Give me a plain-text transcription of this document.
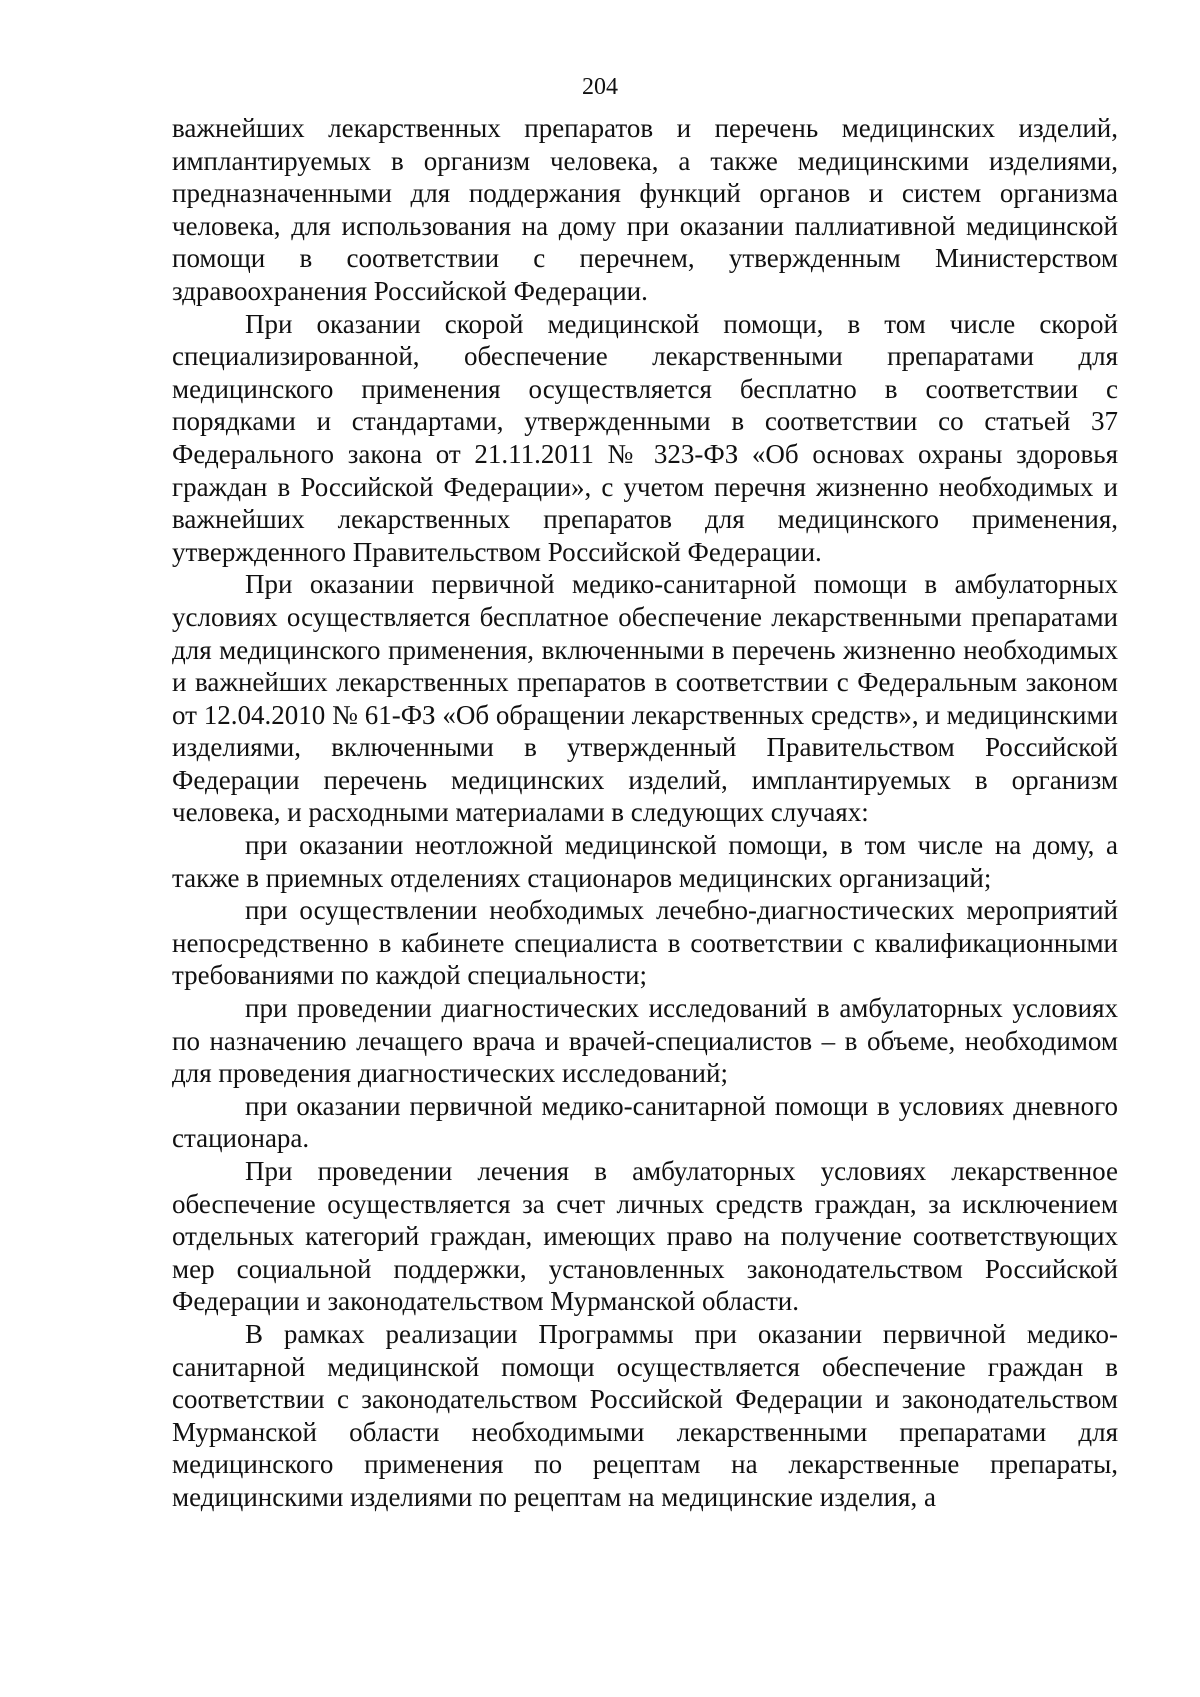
204

важнейших лекарственных препаратов и перечень медицинских изделий, имплантируемых в организм человека, а также медицинскими изделиями, предназначенными для поддержания функций органов и систем организма человека, для использования на дому при оказании паллиативной медицинской помощи в соответствии с перечнем, утвержденным Министерством здравоохранения Российской Федерации.

При оказании скорой медицинской помощи, в том числе скорой специализированной, обеспечение лекарственными препаратами для медицинского применения осуществляется бесплатно в соответствии с порядками и стандартами, утвержденными в соответствии со статьей 37 Федерального закона от 21.11.2011 № 323-ФЗ «Об основах охраны здоровья граждан в Российской Федерации», с учетом перечня жизненно необходимых и важнейших лекарственных препаратов для медицинского применения, утвержденного Правительством Российской Федерации.

При оказании первичной медико-санитарной помощи в амбулаторных условиях осуществляется бесплатное обеспечение лекарственными препаратами для медицинского применения, включенными в перечень жизненно необходимых и важнейших лекарственных препаратов в соответствии с Федеральным законом от 12.04.2010 № 61-ФЗ «Об обращении лекарственных средств», и медицинскими изделиями, включенными в утвержденный Правительством Российской Федерации перечень медицинских изделий, имплантируемых в организм человека, и расходными материалами в следующих случаях:

при оказании неотложной медицинской помощи, в том числе на дому, а также в приемных отделениях стационаров медицинских организаций;

при осуществлении необходимых лечебно-диагностических мероприятий непосредственно в кабинете специалиста в соответствии с квалификационными требованиями по каждой специальности;

при проведении диагностических исследований в амбулаторных условиях по назначению лечащего врача и врачей-специалистов – в объеме, необходимом для проведения диагностических исследований;

при оказании первичной медико-санитарной помощи в условиях дневного стационара.

При проведении лечения в амбулаторных условиях лекарственное обеспечение осуществляется за счет личных средств граждан, за исключением отдельных категорий граждан, имеющих право на получение соответствующих мер социальной поддержки, установленных законодательством Российской Федерации и законодательством Мурманской области.

В рамках реализации Программы при оказании первичной медико-санитарной медицинской помощи осуществляется обеспечение граждан в соответствии с законодательством Российской Федерации и законодательством Мурманской области необходимыми лекарственными препаратами для медицинского применения по рецептам на лекарственные препараты, медицинскими изделиями по рецептам на медицинские изделия, а
